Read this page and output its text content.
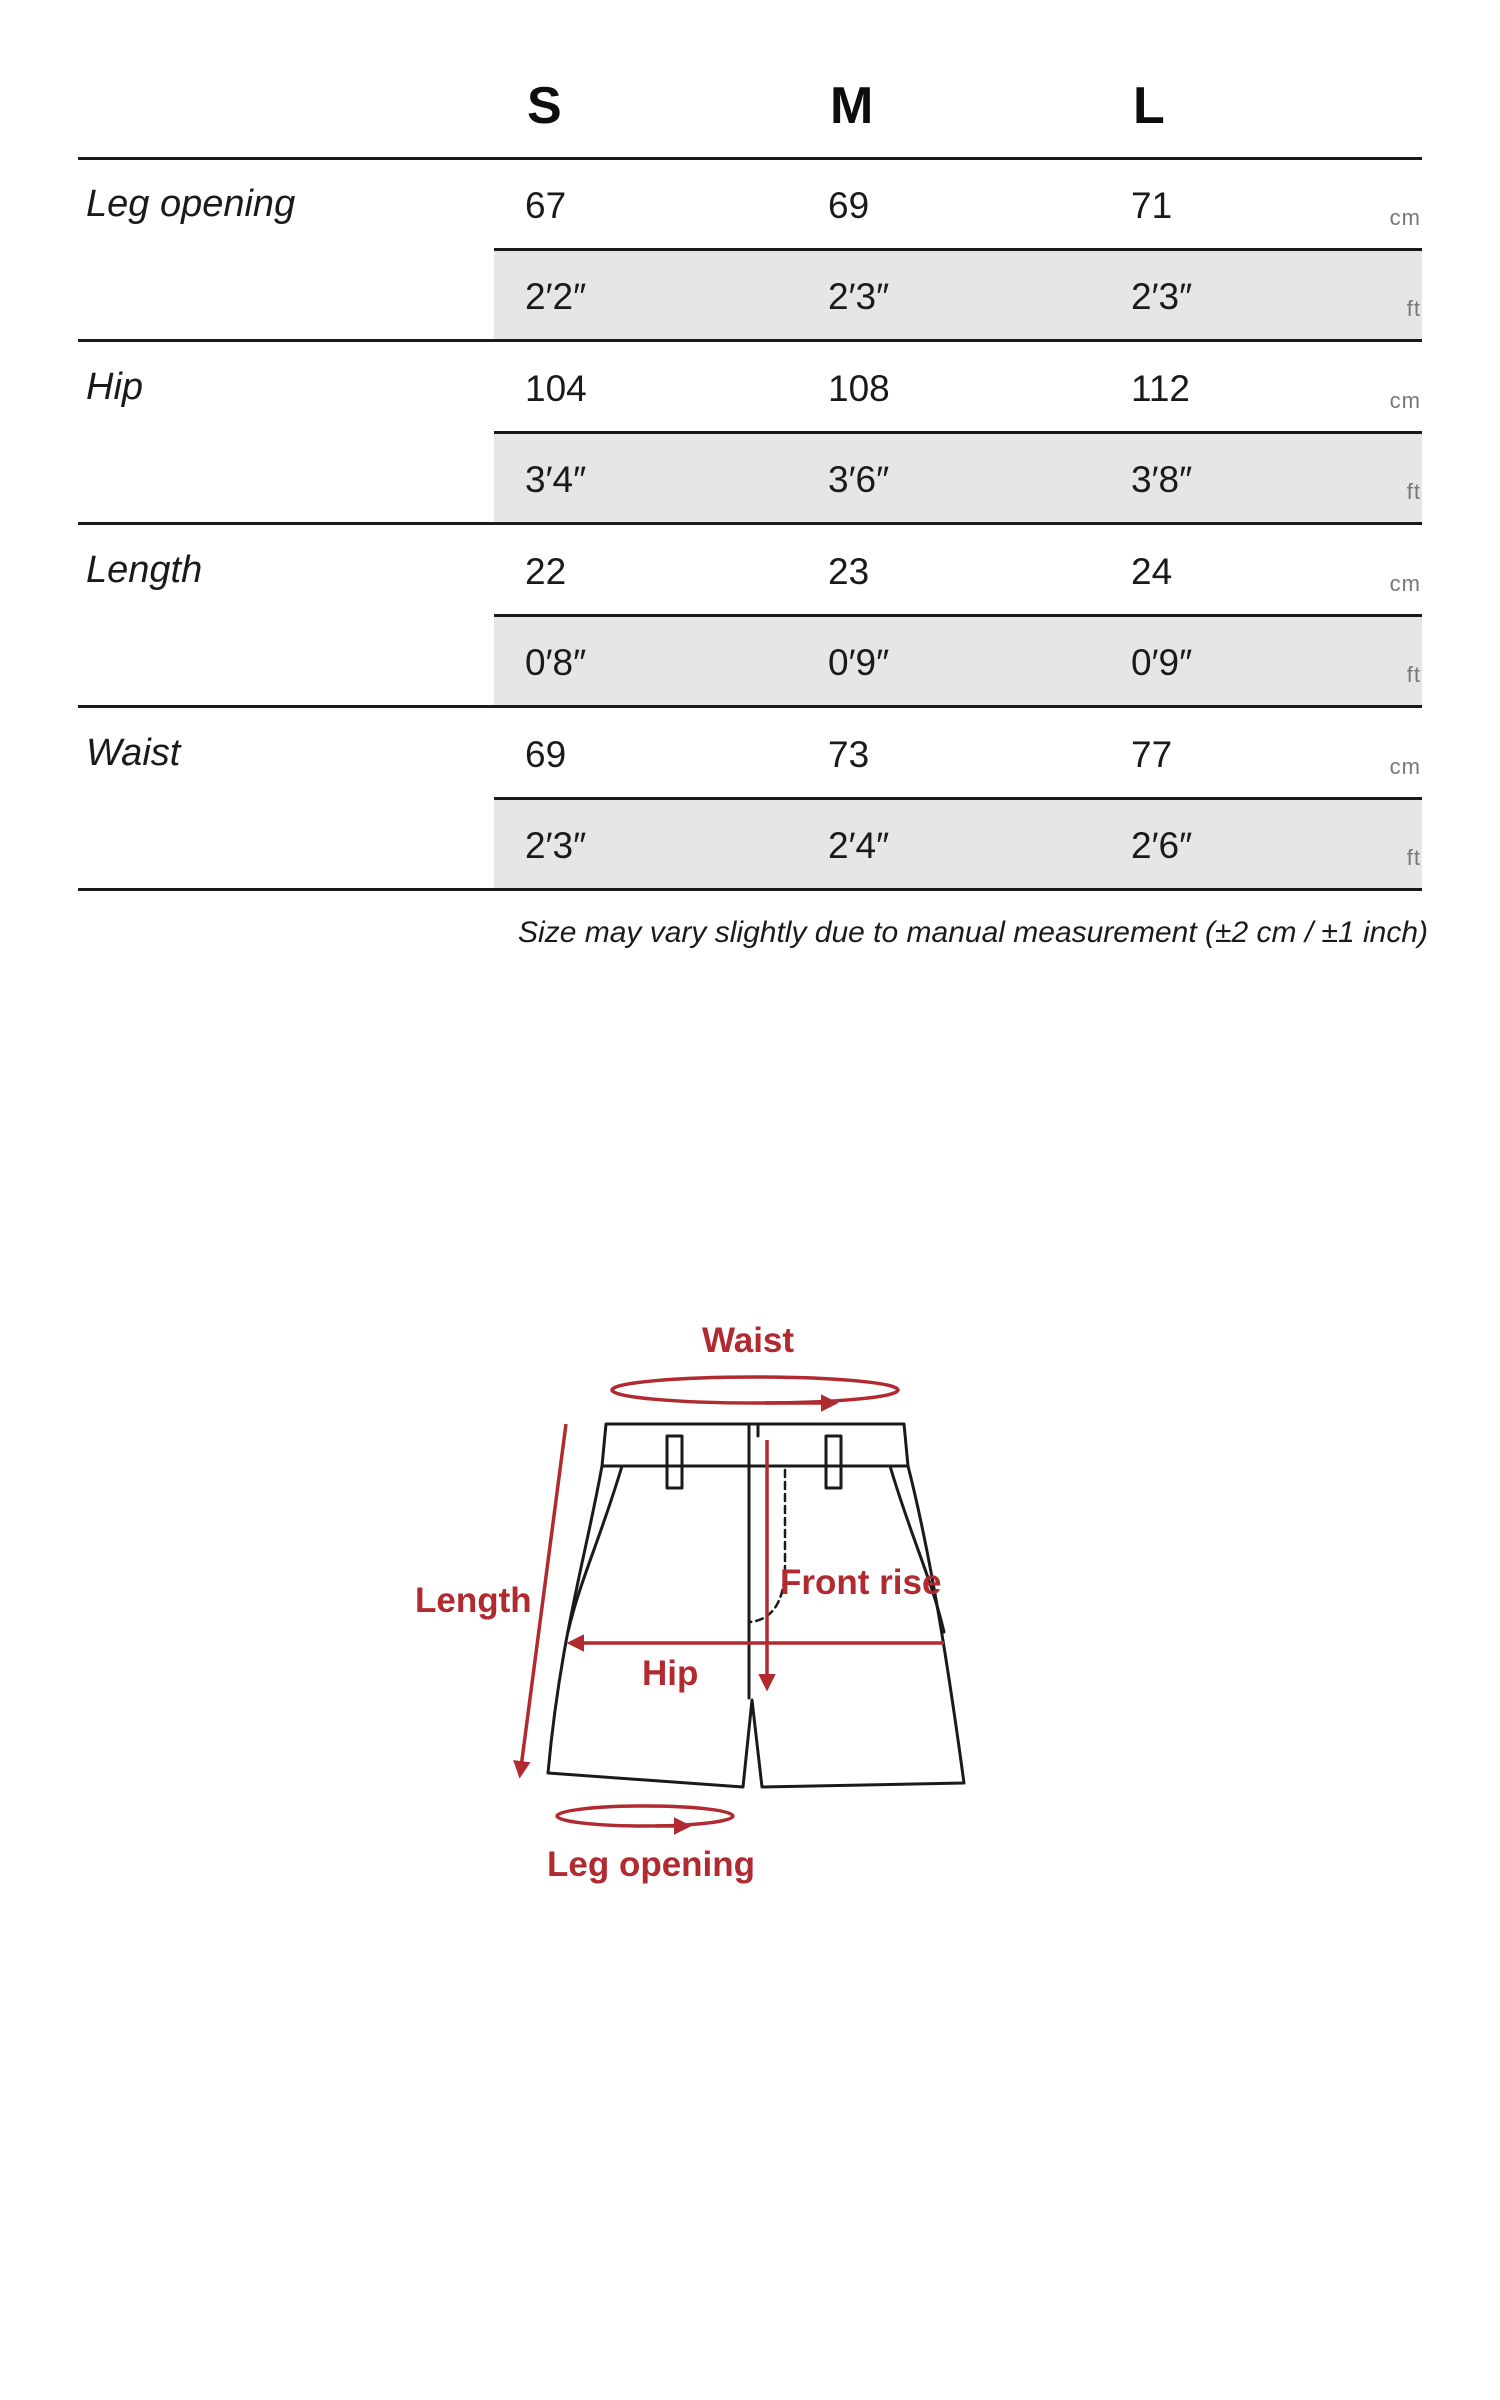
S	M	L
Leg opening	67	69	71	cm
2′2″	2′3″	2′3″	ft
Hip	104	108	112	cm
3′4″	3′6″	3′8″	ft
Length	22	23	24	cm
0′8″	0′9″	0′9″	ft
Waist	69	73	77	cm
2′3″	2′4″	2′6″	ft
Size may vary slightly due to manual measurement (±2 cm / ±1 inch)
Waist
Length	Front rise
Hip
Leg opening
